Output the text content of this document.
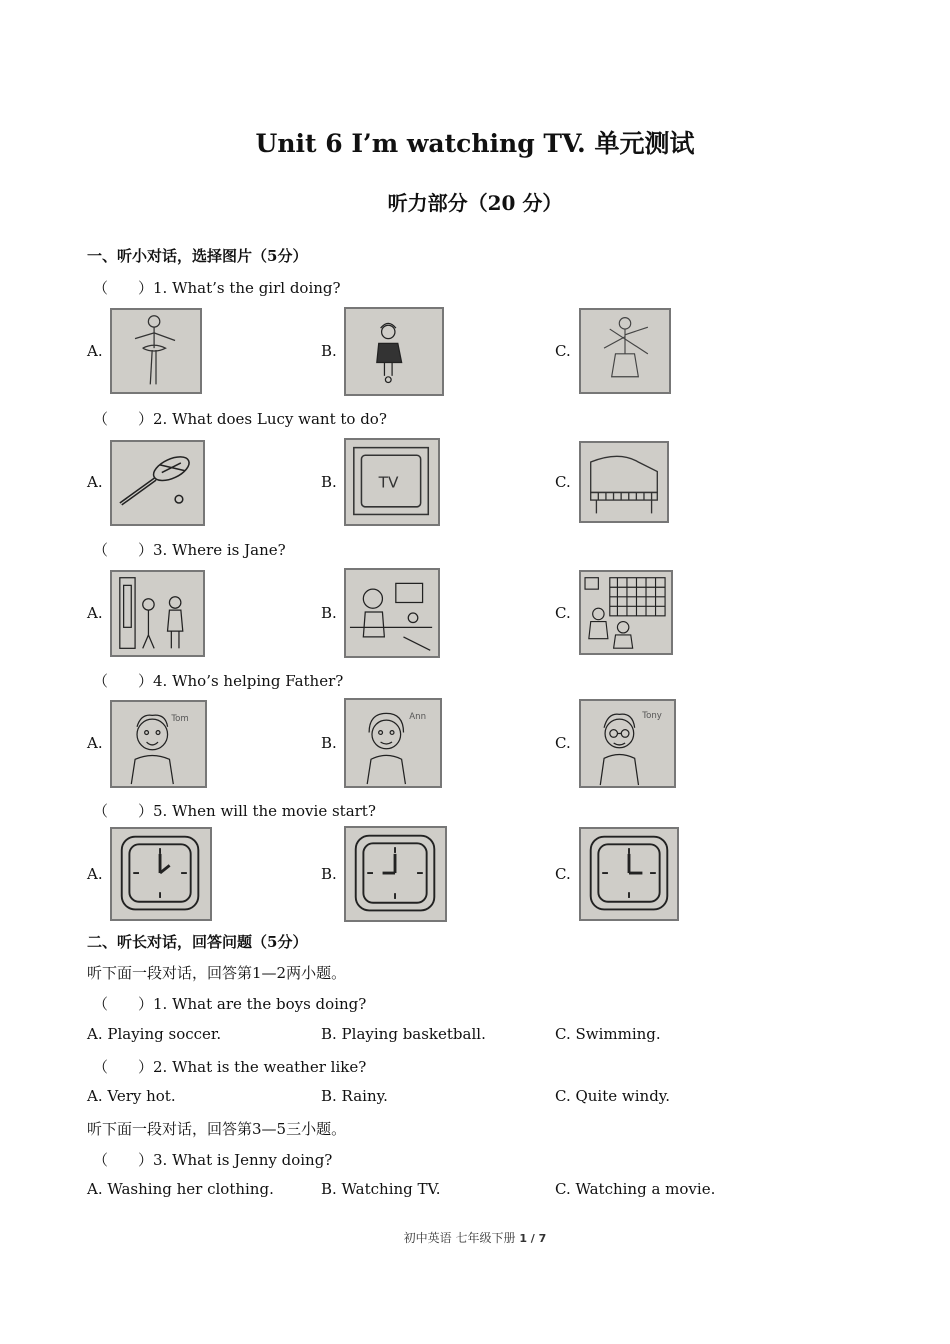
Unit 6 I’m watching TV. 单元测试
听力部分（20 分）
一、听小对话，选择图片（5分）
（　　）1. What’s the girl doing?
A.	B.	C.
（　　）2. What does Lucy want to do?
A.	B.	TV	C.
（　　）3. Where is Jane?
A.	B.	C.
（　　）4. Who’s helping Father?
A.
Tom
B.
Ann
C.
Tony
（　　）5. When will the movie start?
A.	B.	C.
二、听长对话，回答问题（5分）
听下面一段对话，回答第1—2两小题。
（　　）1. What are the boys doing?
A. Playing soccer.	B. Playing basketball.	C. Swimming.
（　　）2. What is the weather like?
A. Very hot.	B. Rainy.	C. Quite windy.
听下面一段对话，回答第3—5三小题。
（　　）3. What is Jenny doing?
A. Washing her clothing.	B. Watching TV.	C. Watching a movie.
初中英语 七年级下册 1 / 7
